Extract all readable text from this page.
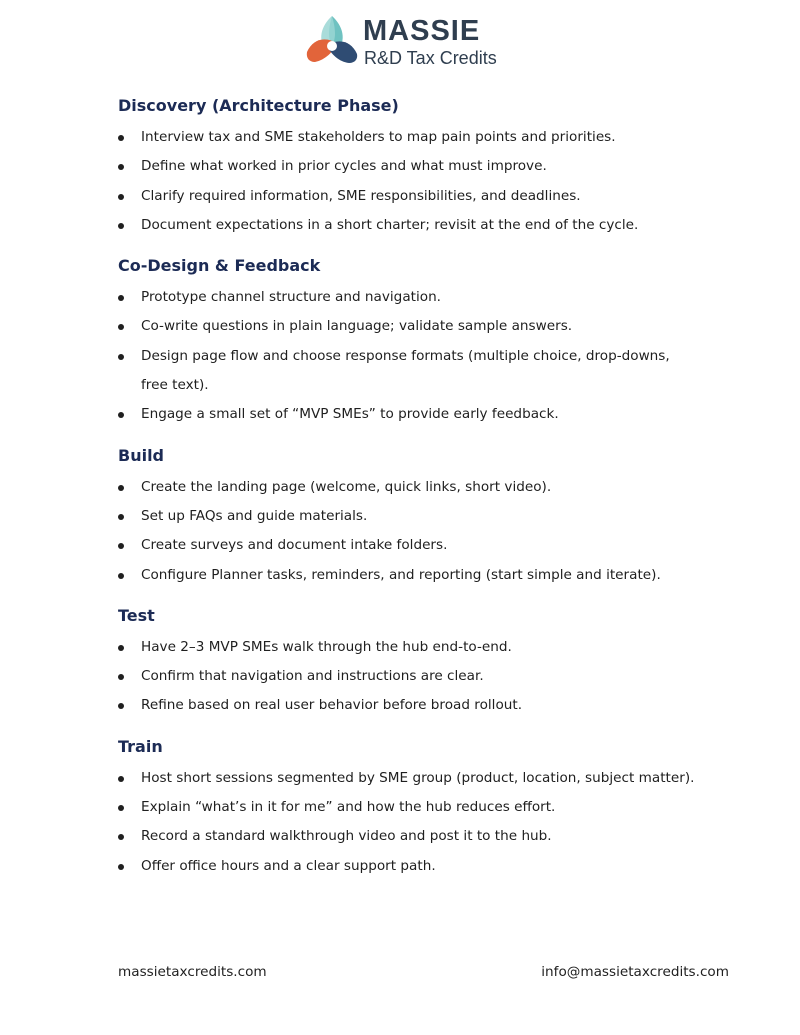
MASSIE
R&D Tax Credits
Discovery (Architecture Phase)
Interview tax and SME stakeholders to map pain points and priorities.
Define what worked in prior cycles and what must improve.
Clarify required information, SME responsibilities, and deadlines.
Document expectations in a short charter; revisit at the end of the cycle.
Co-Design & Feedback
Prototype channel structure and navigation.
Co-write questions in plain language; validate sample answers.
Design page flow and choose response formats (multiple choice, drop-downs, free text).
Engage a small set of “MVP SMEs” to provide early feedback.
Build
Create the landing page (welcome, quick links, short video).
Set up FAQs and guide materials.
Create surveys and document intake folders.
Configure Planner tasks, reminders, and reporting (start simple and iterate).
Test
Have 2–3 MVP SMEs walk through the hub end-to-end.
Confirm that navigation and instructions are clear.
Refine based on real user behavior before broad rollout.
Train
Host short sessions segmented by SME group (product, location, subject matter).
Explain “what’s in it for me” and how the hub reduces effort.
Record a standard walkthrough video and post it to the hub.
Offer office hours and a clear support path.
massietaxcredits.com	info@massietaxcredits.com
